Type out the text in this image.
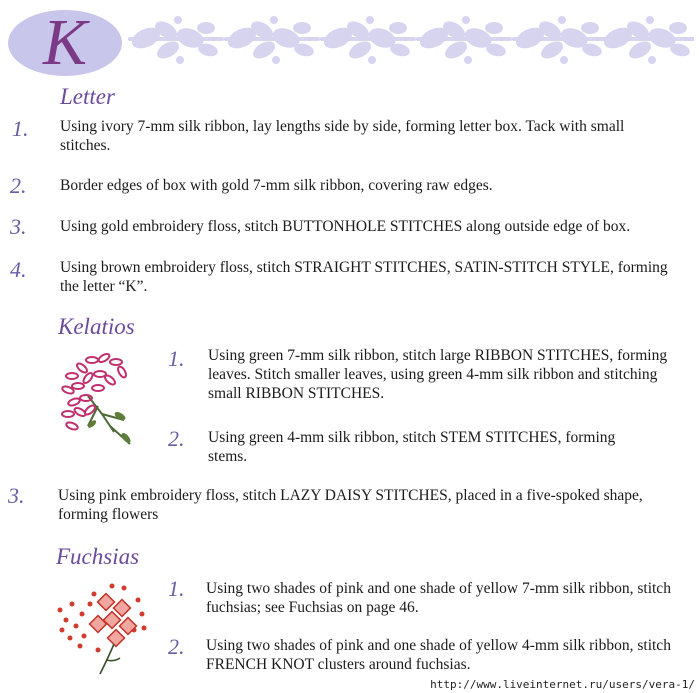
K
Letter
1. Using ivory 7-mm silk ribbon, lay lengths side by side, forming letter box. Tack with small stitches.
2. Border edges of box with gold 7-mm silk ribbon, covering raw edges.
3. Using gold embroidery floss, stitch BUTTONHOLE STITCHES along outside edge of box.
4. Using brown embroidery floss, stitch STRAIGHT STITCHES, SATIN-STITCH STYLE, forming the letter “K”.
Kelatios
1. Using green 7-mm silk ribbon, stitch large RIBBON STITCHES, forming leaves. Stitch smaller leaves, using green 4-mm silk ribbon and stitching small RIBBON STITCHES.
2. Using green 4-mm silk ribbon, stitch STEM STITCHES, forming stems.
3. Using pink embroidery floss, stitch LAZY DAISY STITCHES, placed in a five-spoked shape, forming flowers
Fuchsias
1. Using two shades of pink and one shade of yellow 7-mm silk ribbon, stitch fuchsias; see Fuchsias on page 46.
2. Using two shades of pink and one shade of yellow 4-mm silk ribbon, stitch FRENCH KNOT clusters around fuchsias.
http://www.liveinternet.ru/users/vera-1/
